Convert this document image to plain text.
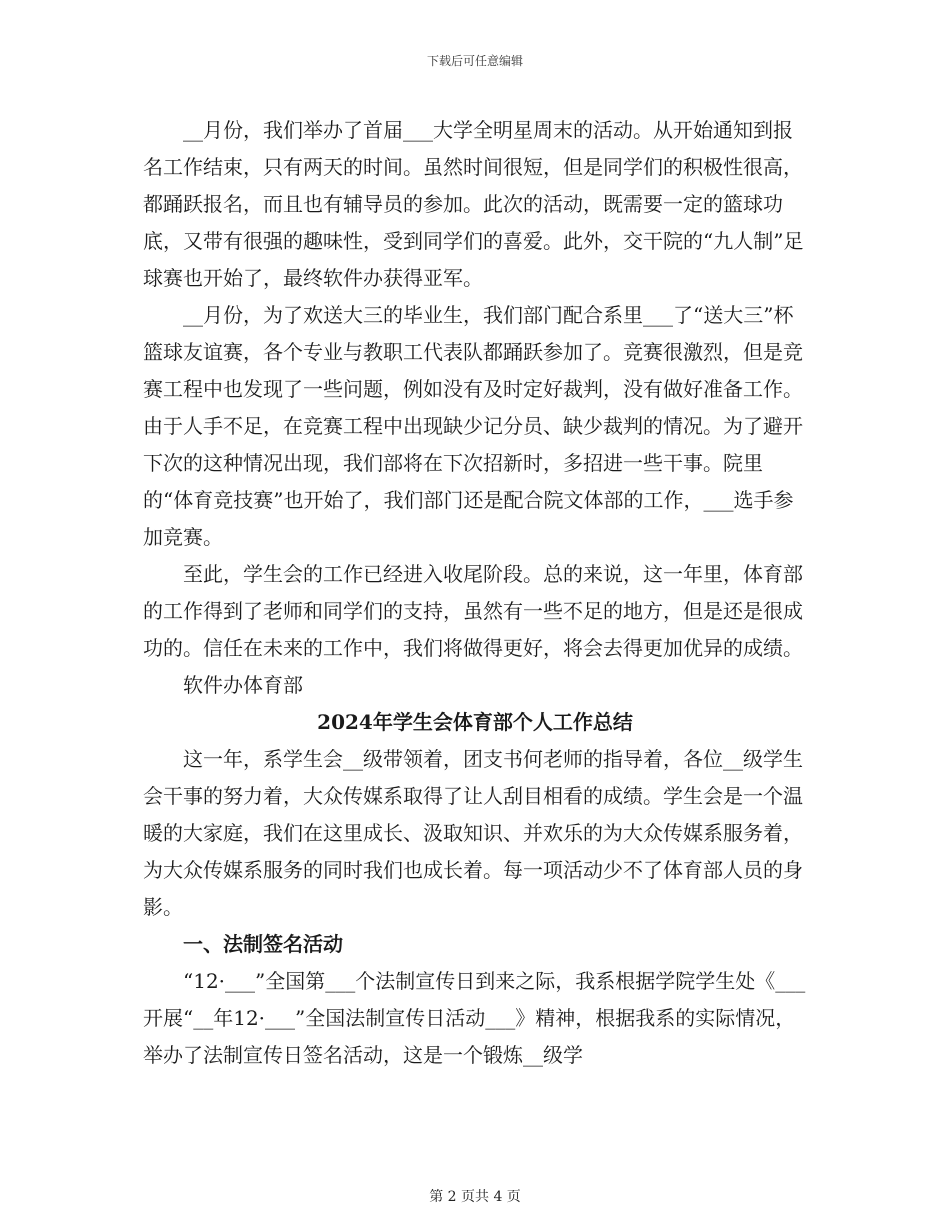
下载后可任意编辑

__月份，我们举办了首届___大学全明星周末的活动。从开始通知到报名工作结束，只有两天的时间。虽然时间很短，但是同学们的积极性很高，都踊跃报名，而且也有辅导员的参加。此次的活动，既需要一定的篮球功底，又带有很强的趣味性，受到同学们的喜爱。此外，交干院的“九人制”足球赛也开始了，最终软件办获得亚军。

__月份，为了欢送大三的毕业生，我们部门配合系里___了“送大三”杯篮球友谊赛，各个专业与教职工代表队都踊跃参加了。竞赛很激烈，但是竞赛工程中也发现了一些问题，例如没有及时定好裁判，没有做好准备工作。由于人手不足，在竞赛工程中出现缺少记分员、缺少裁判的情况。为了避开下次的这种情况出现，我们部将在下次招新时，多招进一些干事。院里的“体育竞技赛”也开始了，我们部门还是配合院文体部的工作，___选手参加竞赛。

至此，学生会的工作已经进入收尾阶段。总的来说，这一年里，体育部的工作得到了老师和同学们的支持，虽然有一些不足的地方，但是还是很成功的。信任在未来的工作中，我们将做得更好，将会去得更加优异的成绩。

软件办体育部

2024年学生会体育部个人工作总结

这一年，系学生会__级带领着，团支书何老师的指导着，各位__级学生会干事的努力着，大众传媒系取得了让人刮目相看的成绩。学生会是一个温暖的大家庭，我们在这里成长、汲取知识、并欢乐的为大众传媒系服务着，为大众传媒系服务的同时我们也成长着。每一项活动少不了体育部人员的身影。

一、法制签名活动

“12·___”全国第___个法制宣传日到来之际，我系根据学院学生处《___开展“__年12·___”全国法制宣传日活动___》精神，根据我系的实际情况，举办了法制宣传日签名活动，这是一个锻炼__级学

第 2 页共 4 页
